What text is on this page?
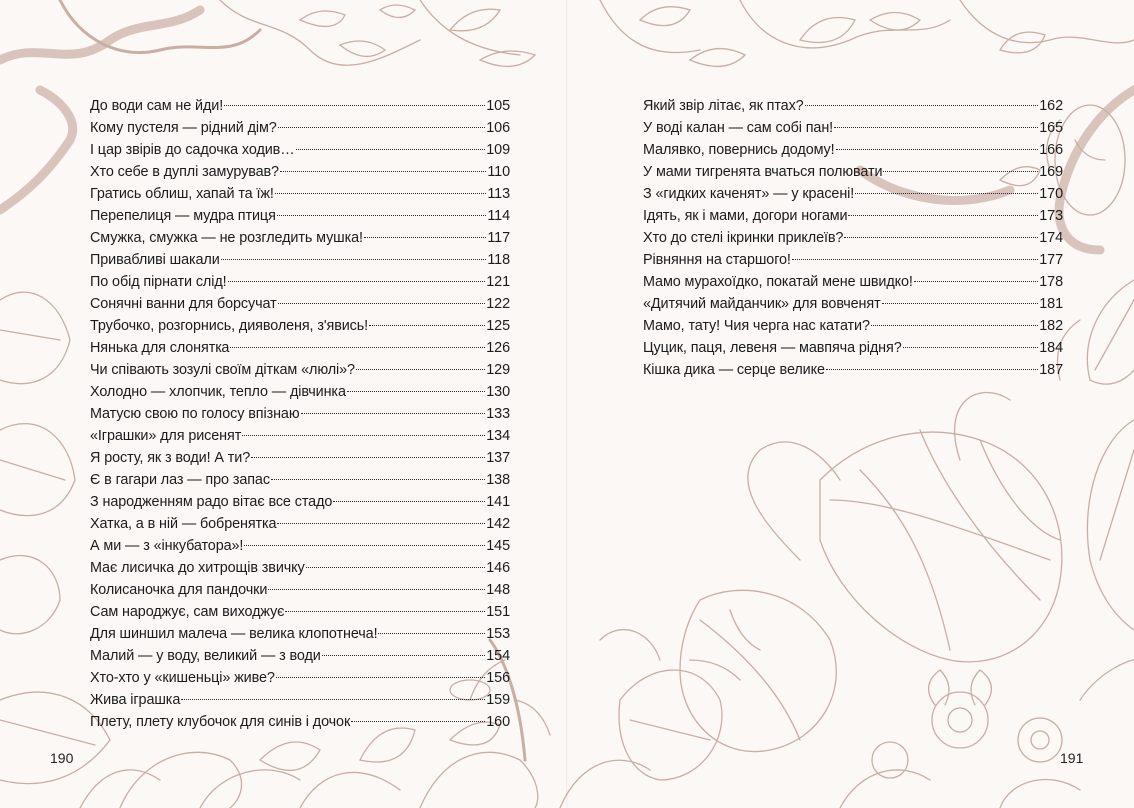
До води сам не йди!	105
Кому пустеля — рідний дім?	106
І цар звірів до садочка ходив…	109
Хто себе в дуплі замурував?	110
Гратись облиш, хапай та їж!	113
Перепелиця — мудра птиця	114
Смужка, смужка — не розгледить мушка!	117
Привабливі шакали	118
По обід пірнати слід!	121
Сонячні ванни для борсучат	122
Трубочко, розгорнись, дияволеня, з'явись!	125
Нянька для слоняткa	126
Чи співають зозулі своїм діткам «люлі»?	129
Холодно — хлопчик, тепло — дівчинка	130
Матусю свою по голосу впізнаю	133
«Іграшки» для рисенят	134
Я росту, як з води! А ти?	137
Є в гагари лаз — про запас	138
З народженням радо вітає все стадо	141
Хатка, а в ній — бобренятка	142
А ми — з «інкубатора»!	145
Має лисичка до хитрощів звичку	146
Колисаночка для пандочки	148
Сам народжує, сам виходжує	151
Для шиншил малеча — велика клопотнеча!	153
Малий — у воду, великий — з води	154
Хто-хто у «кишеньці» живе?	156
Жива іграшка	159
Плету, плету клубочок для синів і дочок	160
Який звір літає, як птах?	162
У воді калан — сам собі пан!	165
Малявко, повернись додому!	166
У мами тигренята вчаться полювати	169
З «гидких каченят» — у красені!	170
Ідять, як і мами, догори ногами	173
Хто до стелі ікринки приклеїв?	174
Рівняння на старшого!	177
Мамо мурахоїдко, покатай мене швидко!	178
«Дитячий майданчик» для вовченят	181
Мамо, тату! Чия черга нас катати?	182
Цуцик, паця, левеня — мавпяча рідня?	184
Кішка дика — серце велике	187
190	191
